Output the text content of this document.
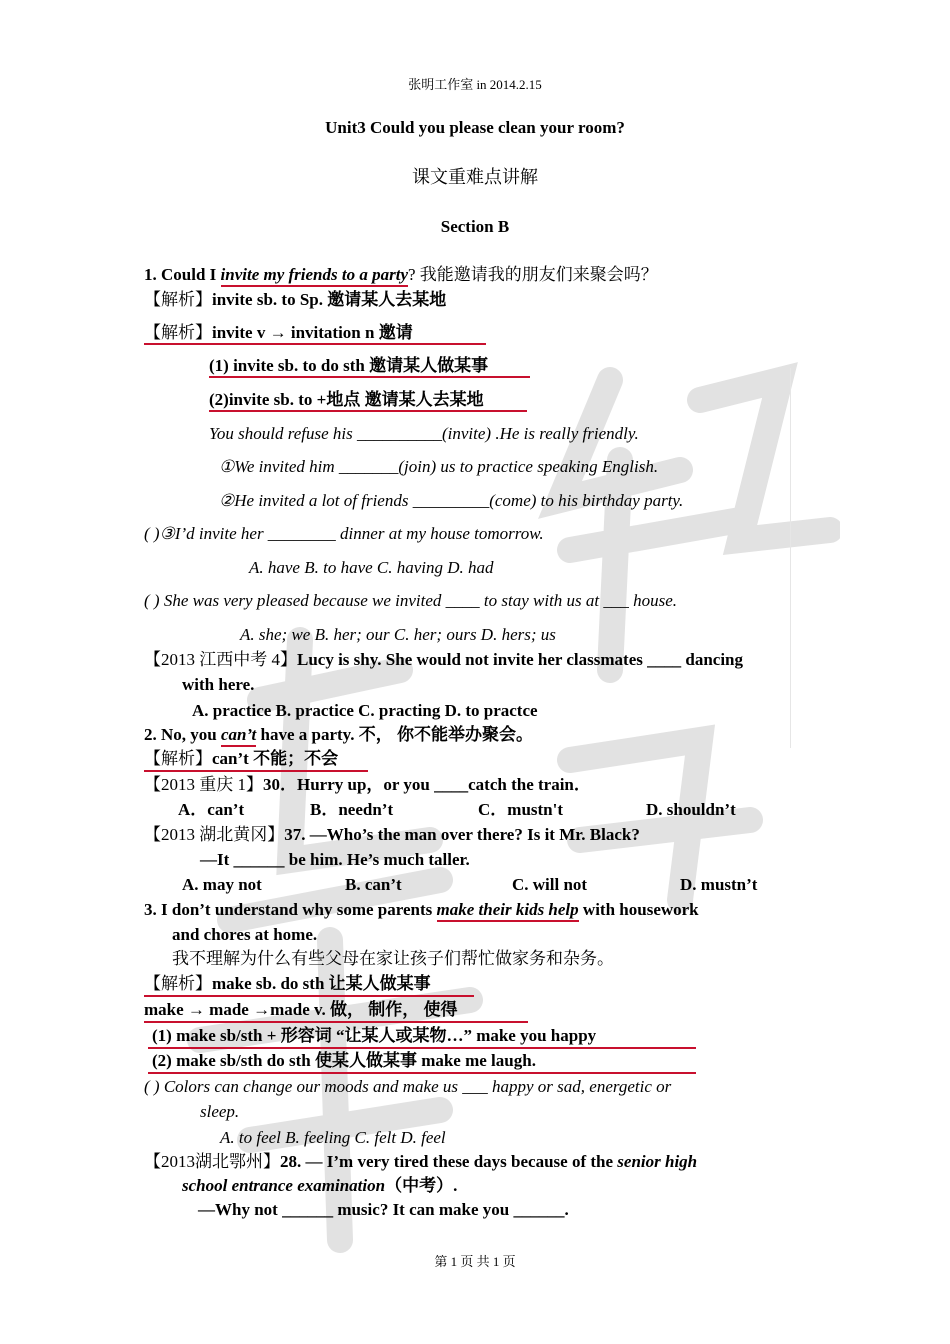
张明工作室 in 2014.2.15
Unit3 Could you please clean your room?
课文重难点讲解
Section B
1. Could I invite my friends to a party? 我能邀请我的朋友们来聚会吗？
【解析】invite sb. to Sp. 邀请某人去某地
【解析】invite v → invitation n 邀请
(1) invite sb. to do sth 邀请某人做某事
(2)invite sb. to +地点 邀请某人去某地
You should refuse his __________(invite) .He is really friendly.
①We invited him _______(join) us to practice speaking English.
②He invited a lot of friends _________(come) to his birthday party.
( )③I’d invite her ________ dinner at my house tomorrow.
A. have B. to have C. having D. had
( ) She was very pleased because we invited ____ to stay with us at ___ house.
A. she; we B. her; our C. her; ours D. hers; us
【2013 江西中考 4】Lucy is shy. She would not invite her classmates ____ dancing
with here.
A. practice B. practice C. practing D. to practce
2. No, you can’t have a party. 不， 你不能举办聚会。
【解析】can’t 不能；不会
【2013 重庆 1】30．Hurry up，or you ____catch the train．
A．can’t	B．needn’t	C．mustn't	D. shouldn’t
【2013 湖北黄冈】37. —Who’s the man over there? Is it Mr. Black?
—It ______ be him. He’s much taller.
A. may not	B. can’t	C. will not	D. mustn’t
3. I don’t understand why some parents make their kids help with housework
and chores at home.
我不理解为什么有些父母在家让孩子们帮忙做家务和杂务。
【解析】make sb. do sth 让某人做某事
make → made →made v. 做， 制作， 使得
(1) make sb/sth + 形容词 “让某人或某物…” make you happy
(2) make sb/sth do sth 使某人做某事 make me laugh.
( ) Colors can change our moods and make us ___ happy or sad, energetic or
sleep.
A. to feel B. feeling C. felt D. feel
【2013湖北鄂州】28. — I’m very tired these days because of the senior high
school entrance examination（中考）.
—Why not ______ music? It can make you ______.
第 1 页 共 1 页
